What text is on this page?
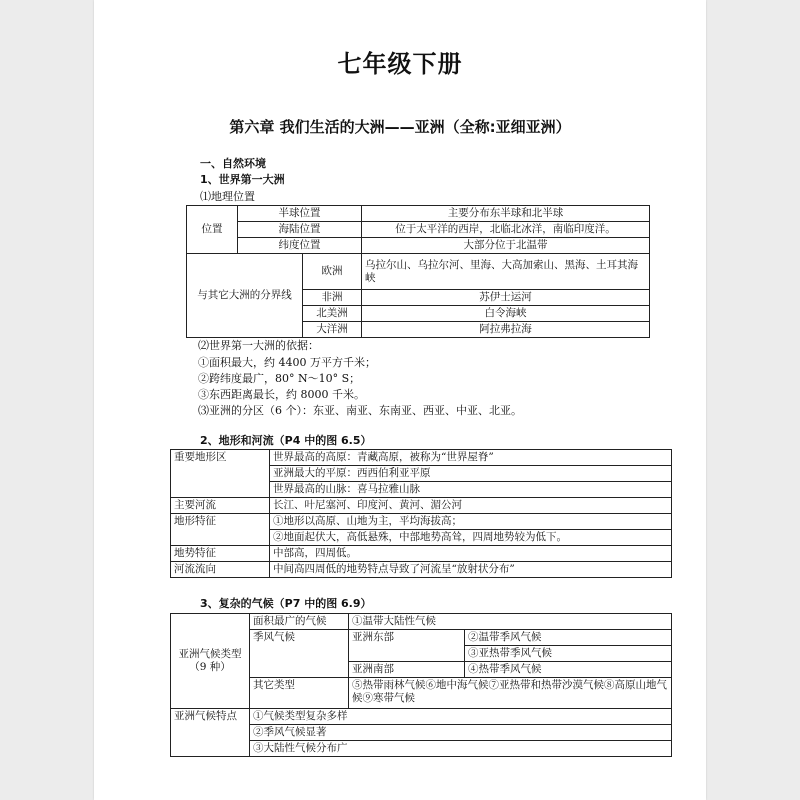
七年级下册
第六章 我们生活的大洲——亚洲（全称:亚细亚洲）
一、自然环境
1、世界第一大洲
⑴地理位置
位置	半球位置		主要分布东半球和北半球
	海陆位置		位于太平洋的西岸，北临北冰洋，南临印度洋。
	纬度位置		大部分位于北温带
与其它大洲的分界线		欧洲	乌拉尔山、乌拉尔河、里海、大高加索山、黑海、土耳其海峡
		非洲	苏伊士运河
		北美洲	白令海峡
		大洋洲	阿拉弗拉海
⑵世界第一大洲的依据：
①面积最大，约 4400 万平方千米；
②跨纬度最广，80° N～10° S；
③东西距离最长，约 8000 千米。
⑶亚洲的分区（6 个）：东亚、南亚、东南亚、西亚、中亚、北亚。
2、地形和河流（P4 中的图 6.5）
重要地形区	世界最高的高原：青藏高原，被称为“世界屋脊”
	亚洲最大的平原：西西伯利亚平原
	世界最高的山脉：喜马拉雅山脉
主要河流	长江、叶尼塞河、印度河、黄河、湄公河
地形特征	①地形以高原、山地为主，平均海拔高；
	②地面起伏大，高低悬殊，中部地势高耸，四周地势较为低下。
地势特征	中部高，四周低。
河流流向	中间高四周低的地势特点导致了河流呈“放射状分布”
3、复杂的气候（P7 中的图 6.9）
亚洲气候类型
（9 种）	面积最广的气候	①温带大陆性气候	
	季风气候	亚洲东部	②温带季风气候
			③亚热带季风气候
		亚洲南部	④热带季风气候
	其它类型	⑤热带雨林气候⑥地中海气候⑦亚热带和热带沙漠气候⑧高原山地气候⑨寒带气候	

亚洲气候特点	①气候类型复杂多样		
	②季风气候显著		
	③大陆性气候分布广		
